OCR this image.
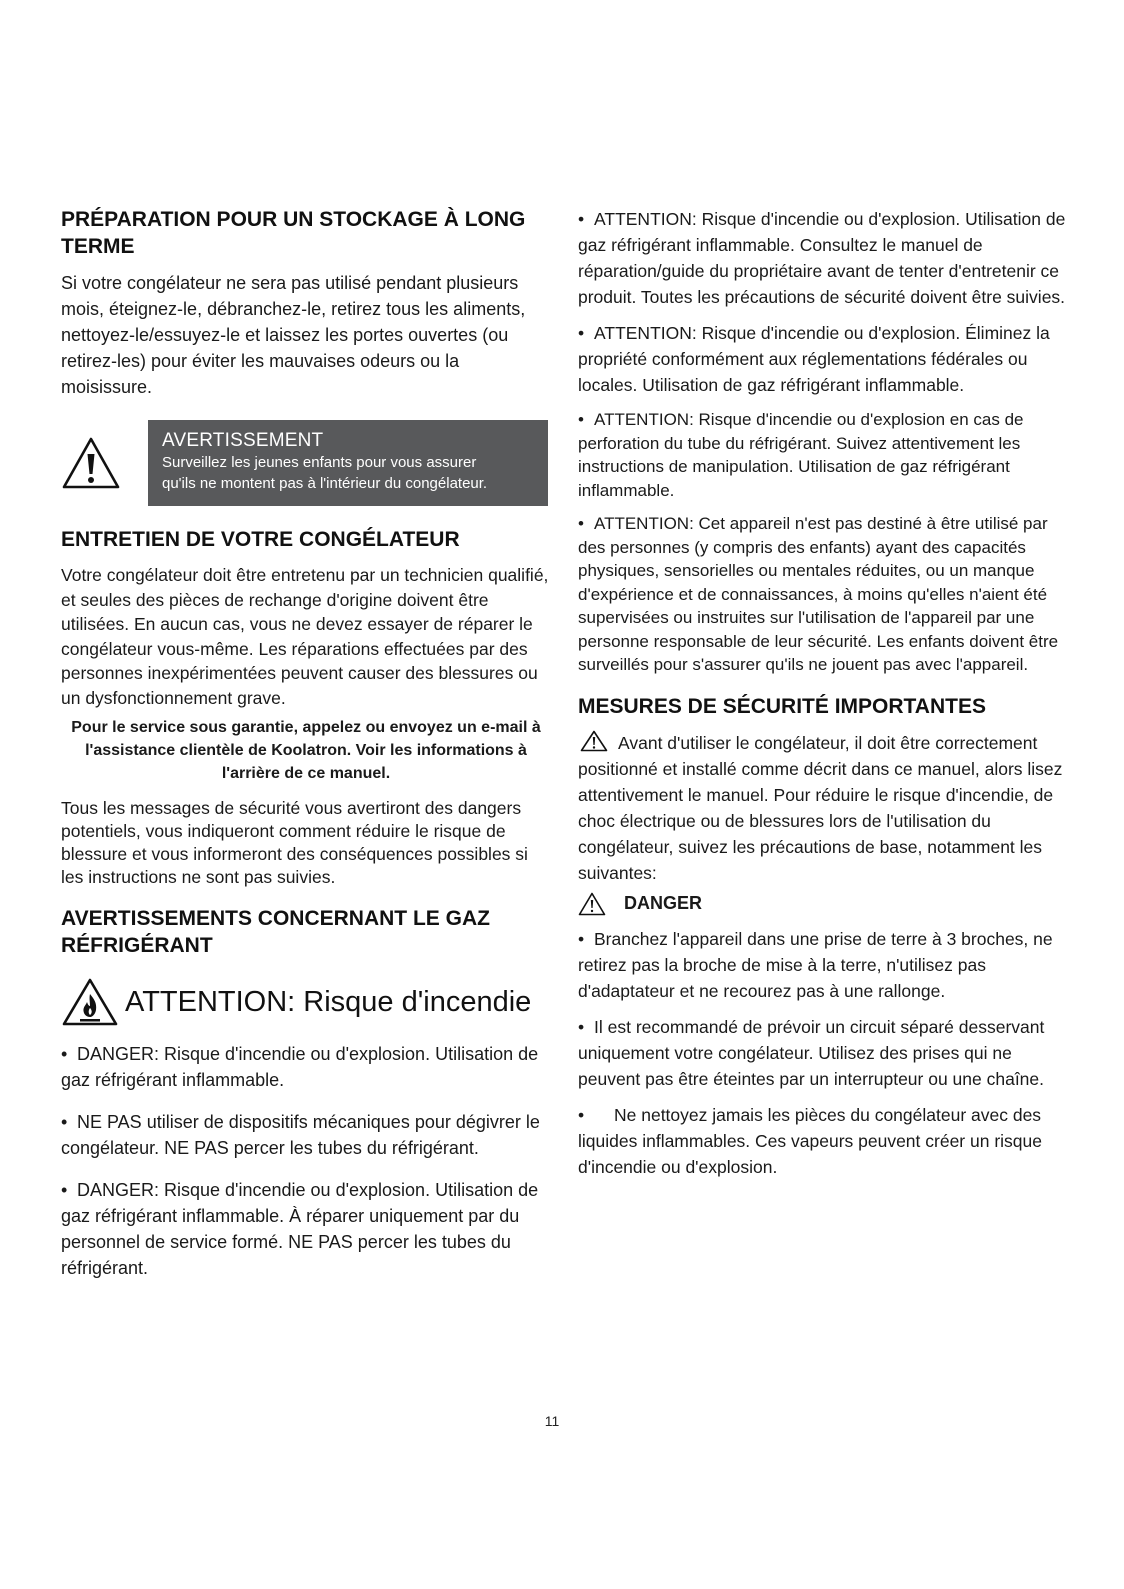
PRÉPARATION POUR UN STOCKAGE À LONG TERME

Si votre congélateur ne sera pas utilisé pendant plusieurs mois, éteignez-le, débranchez-le, retirez tous les aliments, nettoyez-le/essuyez-le et laissez les portes ouvertes (ou retirez-les) pour éviter les mauvaises odeurs ou la moisissure.

AVERTISSEMENT
Surveillez les jeunes enfants pour vous assurer
qu'ils ne montent pas à l'intérieur du congélateur.
ENTRETIEN DE VOTRE CONGÉLATEUR

Votre congélateur doit être entretenu par un technicien qualifié, et seules des pièces de rechange d'origine doivent être utilisées. En aucun cas, vous ne devez essayer de réparer le congélateur vous-même. Les réparations effectuées par des personnes inexpérimentées peuvent causer des blessures ou un dysfonctionnement grave.

Pour le service sous garantie, appelez ou envoyez un e-mail à l'assistance clientèle de Koolatron. Voir les informations à l'arrière de ce manuel.

Tous les messages de sécurité vous avertiront des dangers potentiels, vous indiqueront comment réduire le risque de blessure et vous informeront des conséquences possibles si les instructions ne sont pas suivies.

AVERTISSEMENTS CONCERNANT LE GAZ RÉFRIGÉRANT
ATTENTION: Risque d'incendie

• DANGER: Risque d'incendie ou d'explosion. Utilisation de gaz réfrigérant inflammable.

• NE PAS utiliser de dispositifs mécaniques pour dégivrer le congélateur. NE PAS percer les tubes du réfrigérant.

• DANGER: Risque d'incendie ou d'explosion. Utilisation de gaz réfrigérant inflammable. À réparer uniquement par du personnel de service formé. NE PAS percer les tubes du réfrigérant.

• ATTENTION: Risque d'incendie ou d'explosion. Utilisation de gaz réfrigérant inflammable. Consultez le manuel de réparation/guide du propriétaire avant de tenter d'entretenir ce produit. Toutes les précautions de sécurité doivent être suivies.

• ATTENTION: Risque d'incendie ou d'explosion. Éliminez la propriété conformément aux réglementations fédérales ou locales. Utilisation de gaz réfrigérant inflammable.

• ATTENTION: Risque d'incendie ou d'explosion en cas de perforation du tube du réfrigérant. Suivez attentivement les instructions de manipulation. Utilisation de gaz réfrigérant inflammable.

• ATTENTION: Cet appareil n'est pas destiné à être utilisé par des personnes (y compris des enfants) ayant des capacités physiques, sensorielles ou mentales réduites, ou un manque d'expérience et de connaissances, à moins qu'elles n'aient été supervisées ou instruites sur l'utilisation de l'appareil par une personne responsable de leur sécurité. Les enfants doivent être surveillés pour s'assurer qu'ils ne jouent pas avec l'appareil.

MESURES DE SÉCURITÉ IMPORTANTES

Avant d'utiliser le congélateur, il doit être correctement positionné et installé comme décrit dans ce manuel, alors lisez attentivement le manuel. Pour réduire le risque d'incendie, de choc électrique ou de blessures lors de l'utilisation du congélateur, suivez les précautions de base, notamment les suivantes:

DANGER

• Branchez l'appareil dans une prise de terre à 3 broches, ne retirez pas la broche de mise à la terre, n'utilisez pas d'adaptateur et ne recourez pas à une rallonge.

• Il est recommandé de prévoir un circuit séparé desservant uniquement votre congélateur. Utilisez des prises qui ne peuvent pas être éteintes par un interrupteur ou une chaîne.

• Ne nettoyez jamais les pièces du congélateur avec des liquides inflammables. Ces vapeurs peuvent créer un risque d'incendie ou d'explosion.

11
